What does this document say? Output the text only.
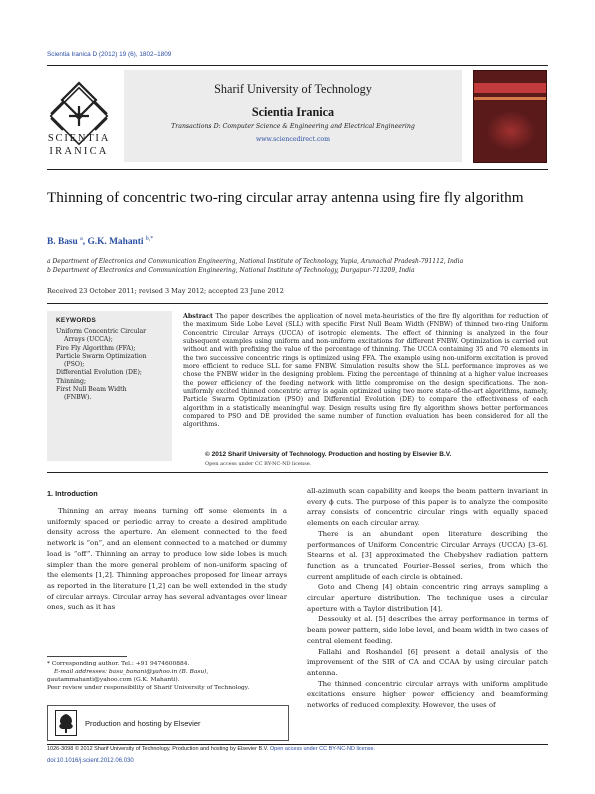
Scientia Iranica D (2012) 19 (6), 1802–1809
SCIENTIA
IRANICA
Sharif University of Technology
Scientia Iranica
Transactions D: Computer Science & Engineering and Electrical Engineering
www.sciencedirect.com
Thinning of concentric two-ring circular array antenna using fire fly algorithm
B. Basu $^a$, G.K. Mahanti $^{b,*}$
a Department of Electronics and Communication Engineering, National Institute of Technology, Yupia, Arunachal Pradesh-791112, India
b Department of Electronics and Communication Engineering, National Institute of Technology, Durgapur-713209, India
Received 23 October 2011; revised 3 May 2012; accepted 23 June 2012
KEYWORDS
Uniform Concentric Circular
Arrays (UCCA);
Fire Fly Algorithm (FFA);
Particle Swarm Optimization
(PSO);
Differential Evolution (DE);
Thinning;
First Null Beam Width
(FNBW).
Abstract The paper describes the application of novel meta-heuristics of the fire fly algorithm for reduction of the maximum Side Lobe Level (SLL) with specific First Null Beam Width (FNBW) of thinned two-ring Uniform Concentric Circular Arrays (UCCA) of isotropic elements. The effect of thinning is analyzed in the four subsequent examples using uniform and non-uniform excitations for different FNBW. Optimization is carried out without and with prefixing the value of the percentage of thinning. The UCCA containing 35 and 70 elements in the two successive concentric rings is optimized using FFA. The example using non-uniform excitation is proved more efficient to reduce SLL for same FNBW. Simulation results show the SLL performance improves as we chose the FNBW wider in the designing problem. Fixing the percentage of thinning at a higher value increases the power efficiency of the feeding network with little compromise on the design specifications. The non-uniformly excited thinned concentric array is again optimized using two more state-of-the-art algorithms, namely, Particle Swarm Optimization (PSO) and Differential Evolution (DE) to compare the effectiveness of each algorithm in a statistically meaningful way. Design results using fire fly algorithm shows better performances compared to PSO and DE provided the same number of function evaluation has been considered for all the algorithms.
© 2012 Sharif University of Technology. Production and hosting by Elsevier B.V.
Open access under CC BY-NC-ND license.
1. Introduction
Thinning an array means turning off some elements in a uniformly spaced or periodic array to create a desired amplitude density across the aperture. An element connected to the feed network is “on”, and an element connected to a matched or dummy load is “off”. Thinning an array to produce low side lobes is much simpler than the more general problem of non-uniform spacing of the elements [1,2]. Thinning approaches proposed for linear arrays as reported in the literature [1,2] can be well extended in the study of circular arrays. Circular array has several advantages over linear ones, such as it has

all-azimuth scan capability and keeps the beam pattern invariant in every ϕ cuts. The purpose of this paper is to analyze the composite array consists of concentric circular rings with equally spaced elements on each circular array.

There is an abundant open literature describing the performances of Uniform Concentric Circular Arrays (UCCA) [3–6]. Stearns et al. [3] approximated the Chebyshev radiation pattern function as a truncated Fourier–Bessel series, from which the current amplitude of each circle is obtained.

Goto and Cheng [4] obtain concentric ring arrays sampling a circular aperture distribution. The technique uses a circular aperture with a Taylor distribution [4].

Dessouky et al. [5] describes the array performance in terms of beam power pattern, side lobe level, and beam width in two cases of central element feeding.

Fallahi and Roshandel [6] present a detail analysis of the improvement of the SIR of CA and CCAA by using circular patch antenna.

The thinned concentric circular arrays with uniform amplitude excitations ensure higher power efficiency and beamforming networks of reduced complexity. However, the uses of

* Corresponding author. Tel.: +91 9474600884.
E-mail addresses: basu_banani@yahoo.in (B. Basu),
gautammahanti@yahoo.com (G.K. Mahanti).
Peer review under responsibility of Sharif University of Technology.
Production and hosting by Elsevier
1026-3098 © 2012 Sharif University of Technology. Production and hosting by Elsevier B.V. Open access under CC BY-NC-ND license.
doi:10.1016/j.scient.2012.06.030
